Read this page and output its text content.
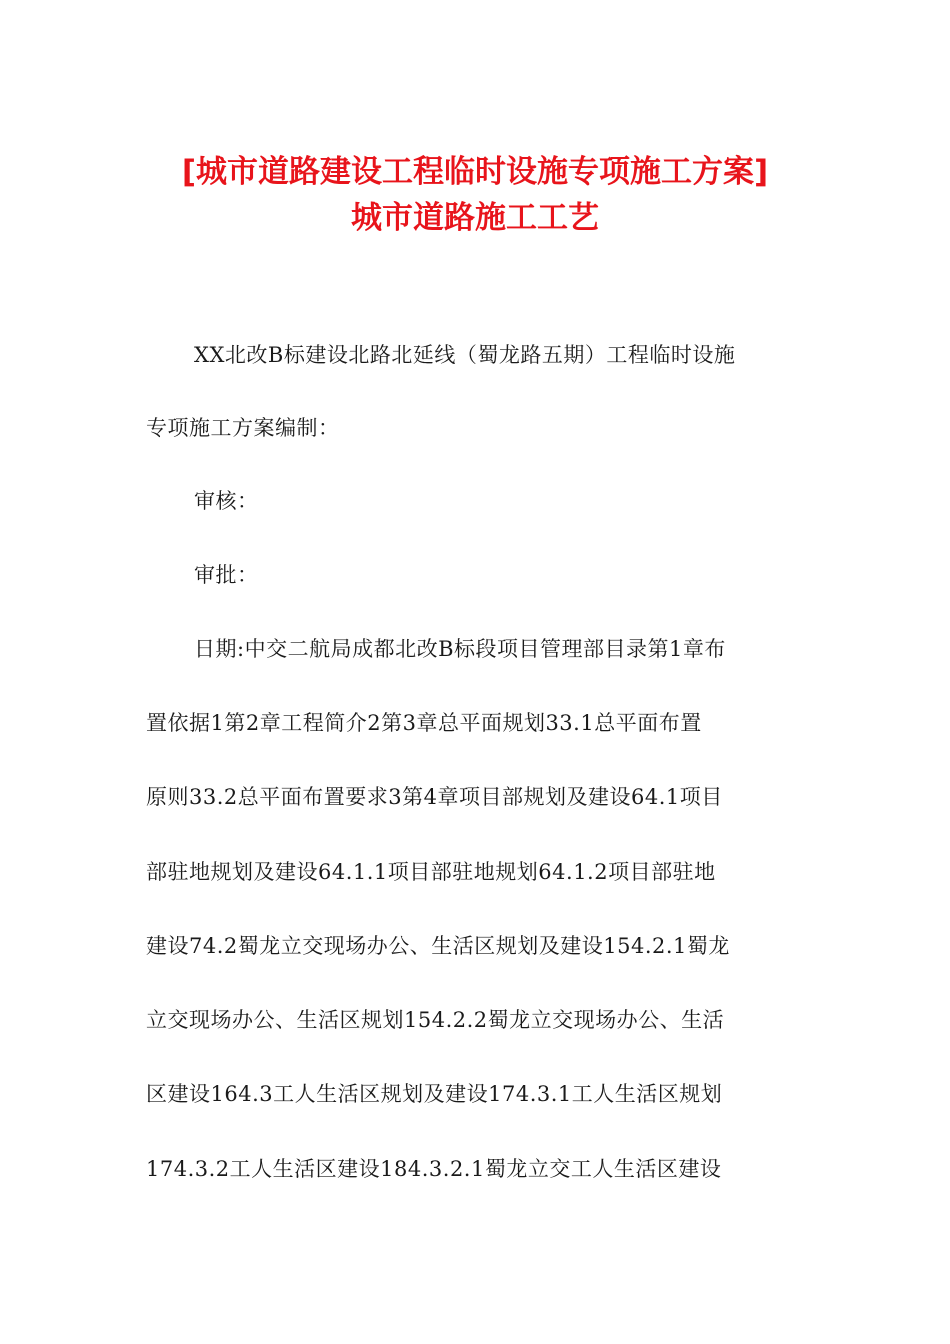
[城市道路建设工程临时设施专项施工方案]
城市道路施工工艺
XX北改B标建设北路北延线（蜀龙路五期）工程临时设施
专项施工方案编制：
审核：
审批：
日期:中交二航局成都北改B标段项目管理部目录第1章布
置依据1第2章工程简介2第3章总平面规划33.1总平面布置
原则33.2总平面布置要求3第4章项目部规划及建设64.1项目
部驻地规划及建设64.1.1项目部驻地规划64.1.2项目部驻地
建设74.2蜀龙立交现场办公、生活区规划及建设154.2.1蜀龙
立交现场办公、生活区规划154.2.2蜀龙立交现场办公、生活
区建设164.3工人生活区规划及建设174.3.1工人生活区规划
174.3.2工人生活区建设184.3.2.1蜀龙立交工人生活区建设
